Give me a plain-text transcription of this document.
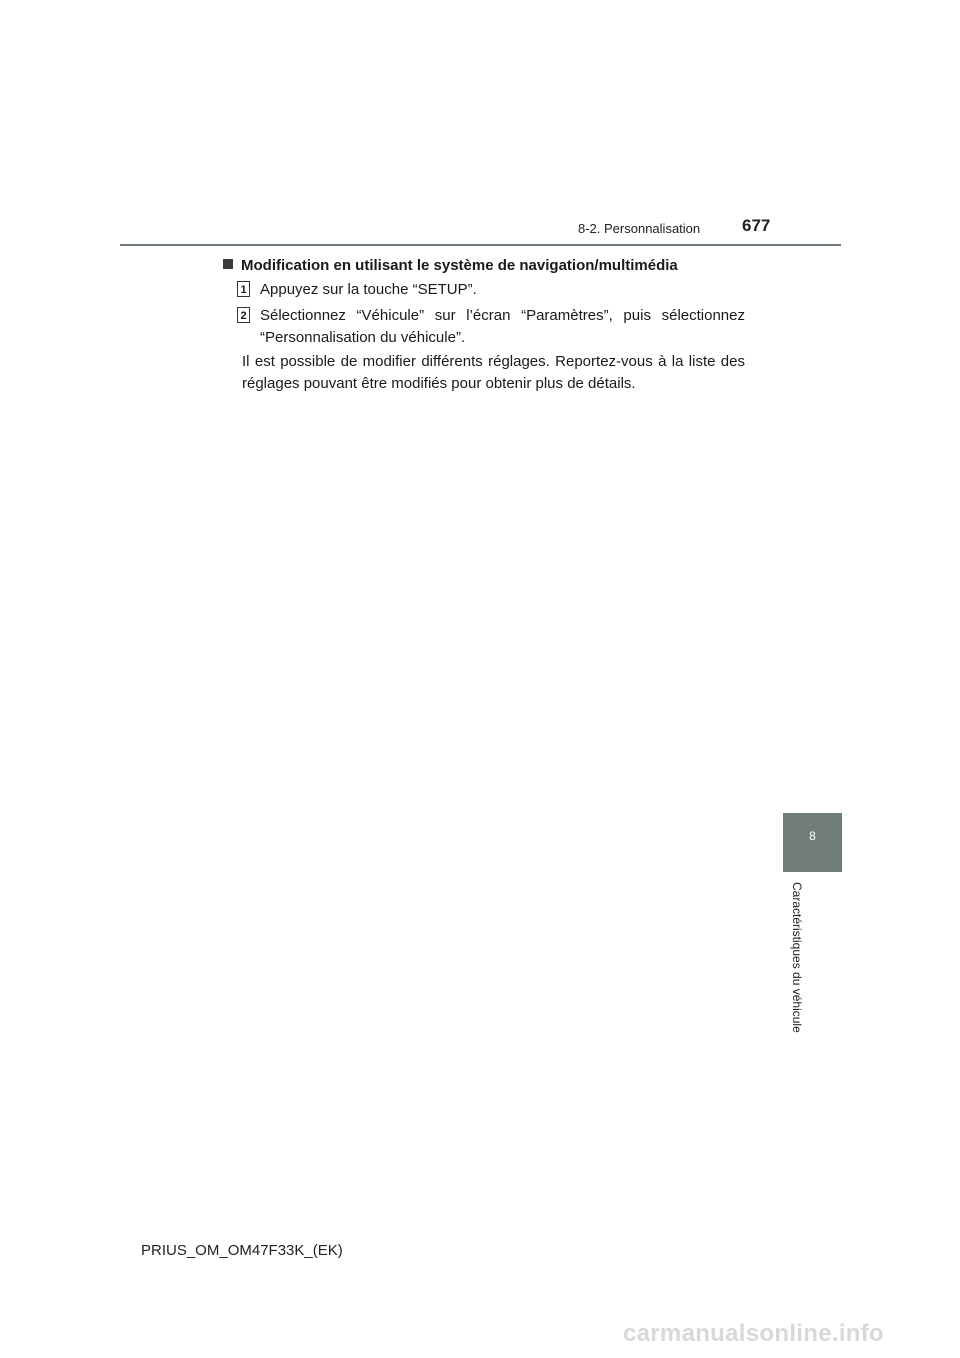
8-2. Personnalisation 677
Modification en utilisant le système de navigation/multimédia
1 Appuyez sur la touche “SETUP”.
2 Sélectionnez “Véhicule” sur l’écran “Paramètres”, puis sélectionnez “Personnalisation du véhicule”.
Il est possible de modifier différents réglages. Reportez-vous à la liste des réglages pouvant être modifiés pour obtenir plus de détails.
8
Caractéristiques du véhicule
PRIUS_OM_OM47F33K_(EK)
carmanualsonline.info
